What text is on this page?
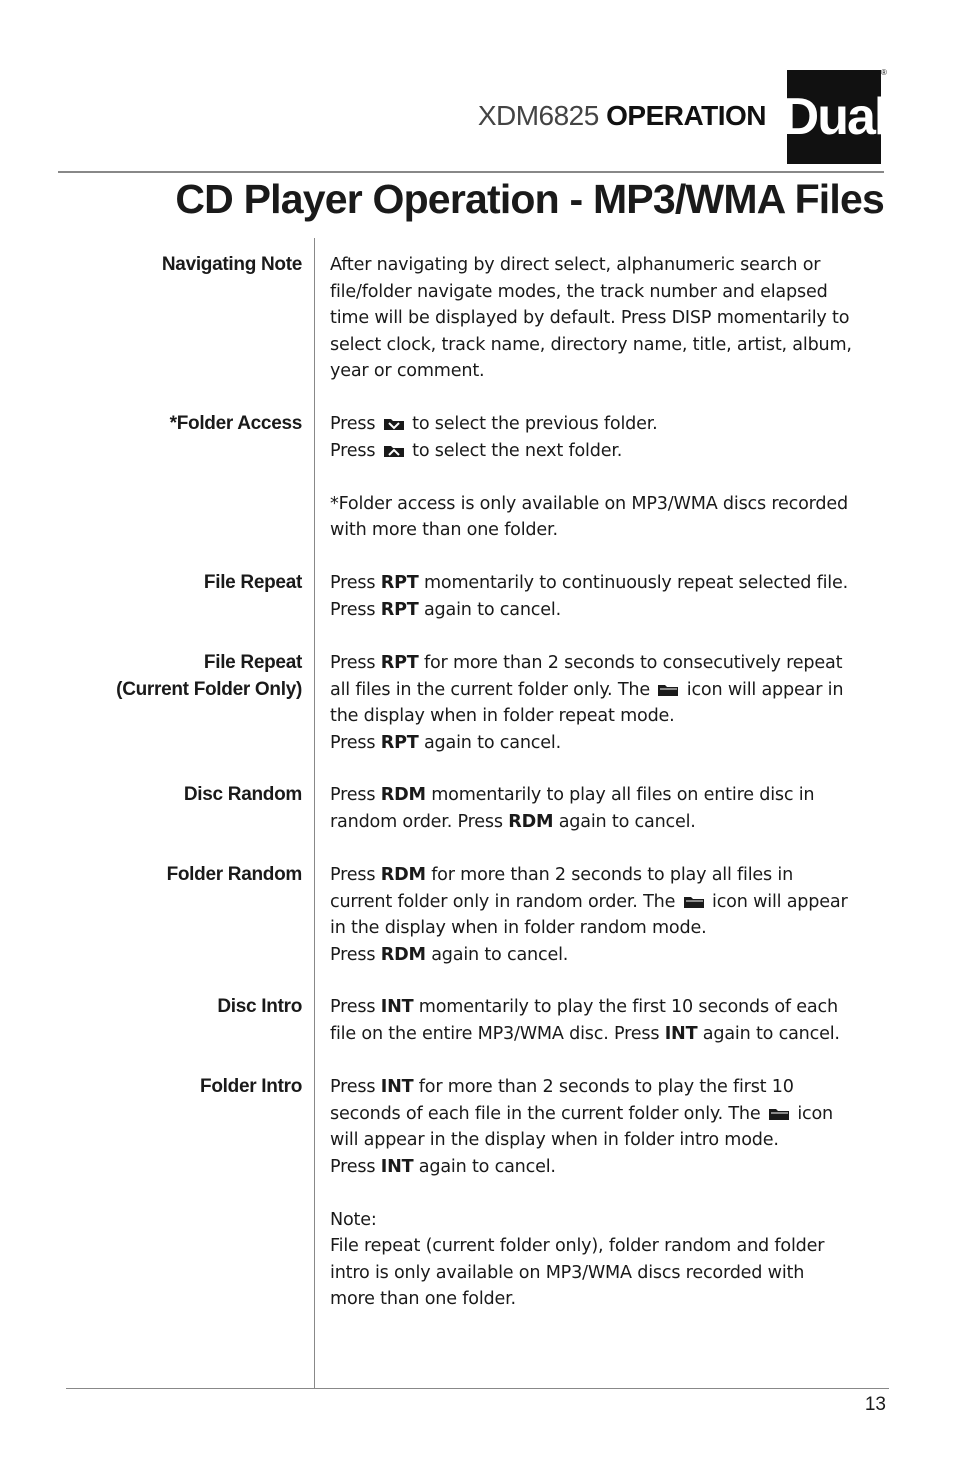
XDM6825 OPERATION Dual
®
CD Player Operation - MP3/WMA Files
Navigating Note After navigating by direct select, alphanumeric search or

file/folder navigate modes, the track number and elapsed

time will be displayed by default. Press DISP momentarily to

select clock, track name, directory name, title, artist, album,

year or comment.

*Folder Access Press to select the previous folder.

Press to select the next folder.

*Folder access is only available on MP3/WMA discs recorded

with more than one folder.

File Repeat Press RPT momentarily to continuously repeat selected file.

Press RPT again to cancel.

File Repeat
(Current Folder Only)

Press RPT for more than 2 seconds to consecutively repeat

all files in the current folder only. The icon will appear in

the display when in folder repeat mode.

Press RPT again to cancel.

Disc Random Press RDM momentarily to play all files on entire disc in

random order. Press RDM again to cancel.

Folder Random Press RDM for more than 2 seconds to play all files in

current folder only in random order. The icon will appear

in the display when in folder random mode.

Press RDM again to cancel.

Disc Intro Press INT momentarily to play the first 10 seconds of each

file on the entire MP3/WMA disc. Press INT again to cancel.

Folder Intro Press INT for more than 2 seconds to play the first 10

seconds of each file in the current folder only. The icon

will appear in the display when in folder intro mode.

Press INT again to cancel.

Note:

File repeat (current folder only), folder random and folder

intro is only available on MP3/WMA discs recorded with

more than one folder.

13
